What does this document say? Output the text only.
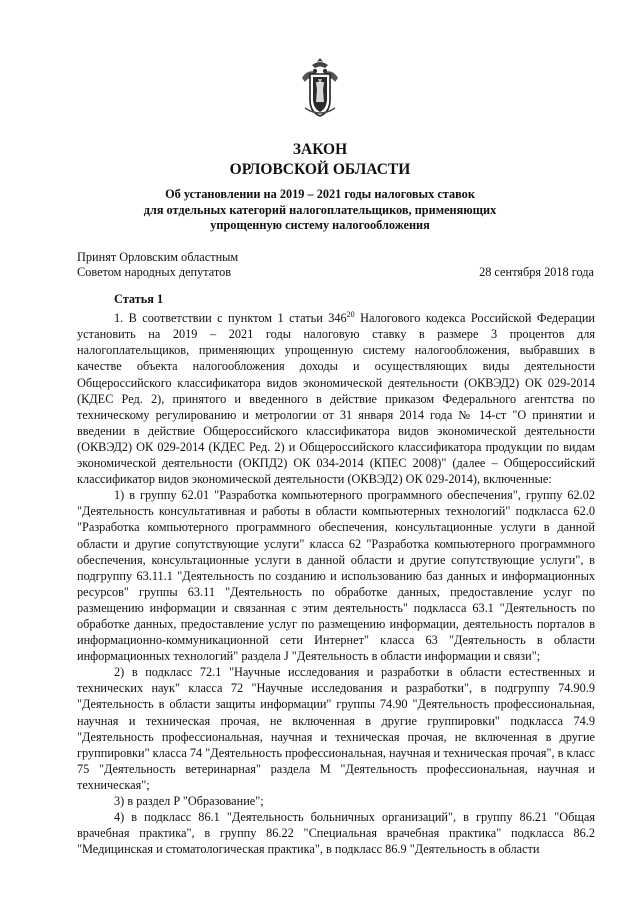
ЗАКОН
ОРЛОВСКОЙ ОБЛАСТИ
Об установлении на 2019 – 2021 годы налоговых ставок
для отдельных категорий налогоплательщиков, применяющих
упрощенную систему налогообложения
Принят Орловским областным
Советом народных депутатов	28 сентября 2018 года
Статья 1

1. В соответствии с пунктом 1 статьи $346^{20}$ Налогового кодекса Российской Федерации установить на 2019 – 2021 годы налоговую ставку в размере 3 процентов для налогоплательщиков, применяющих упрощенную систему налогообложения, выбравших в качестве объекта налогообложения доходы и осуществляющих виды деятельности Общероссийского классификатора видов экономической деятельности (ОКВЭД2) ОК 029-2014 (КДЕС Ред. 2), принятого и введенного в действие приказом Федерального агентства по техническому регулированию и метрологии от 31 января 2014 года № 14-ст "О принятии и введении в действие Общероссийского классификатора видов экономической деятельности (ОКВЭД2) ОК 029-2014 (КДЕС Ред. 2) и Общероссийского классификатора продукции по видам экономической деятельности (ОКПД2) ОК 034-2014 (КПЕС 2008)" (далее – Общероссийский классификатор видов экономической деятельности (ОКВЭД2) ОК 029-2014), включенные:

1) в группу 62.01 "Разработка компьютерного программного обеспечения", группу 62.02 "Деятельность консультативная и работы в области компьютерных технологий" подкласса 62.0 "Разработка компьютерного программного обеспечения, консультационные услуги в данной области и другие сопутствующие услуги" класса 62 "Разработка компьютерного программного обеспечения, консультационные услуги в данной области и другие сопутствующие услуги", в подгруппу 63.11.1 "Деятельность по созданию и использованию баз данных и информационных ресурсов" группы 63.11 "Деятельность по обработке данных, предоставление услуг по размещению информации и связанная с этим деятельность" подкласса 63.1 "Деятельность по обработке данных, предоставление услуг по размещению информации, деятельность порталов в информационно-коммуникационной сети Интернет" класса 63 "Деятельность в области информационных технологий" раздела J "Деятельность в области информации и связи";

2) в подкласс 72.1 "Научные исследования и разработки в области естественных и технических наук" класса 72 "Научные исследования и разработки", в подгруппу 74.90.9 "Деятельность в области защиты информации" группы 74.90 "Деятельность профессиональная, научная и техническая прочая, не включенная в другие группировки" подкласса 74.9 "Деятельность профессиональная, научная и техническая прочая, не включенная в другие группировки" класса 74 "Деятельность профессиональная, научная и техническая прочая", в класс 75 "Деятельность ветеринарная" раздела M "Деятельность профессиональная, научная и техническая";

3) в раздел P "Образование";

4) в подкласс 86.1 "Деятельность больничных организаций", в группу 86.21 "Общая врачебная практика", в группу 86.22 "Специальная врачебная практика" подкласса 86.2 "Медицинская и стоматологическая практика", в подкласс 86.9 "Деятельность в области
